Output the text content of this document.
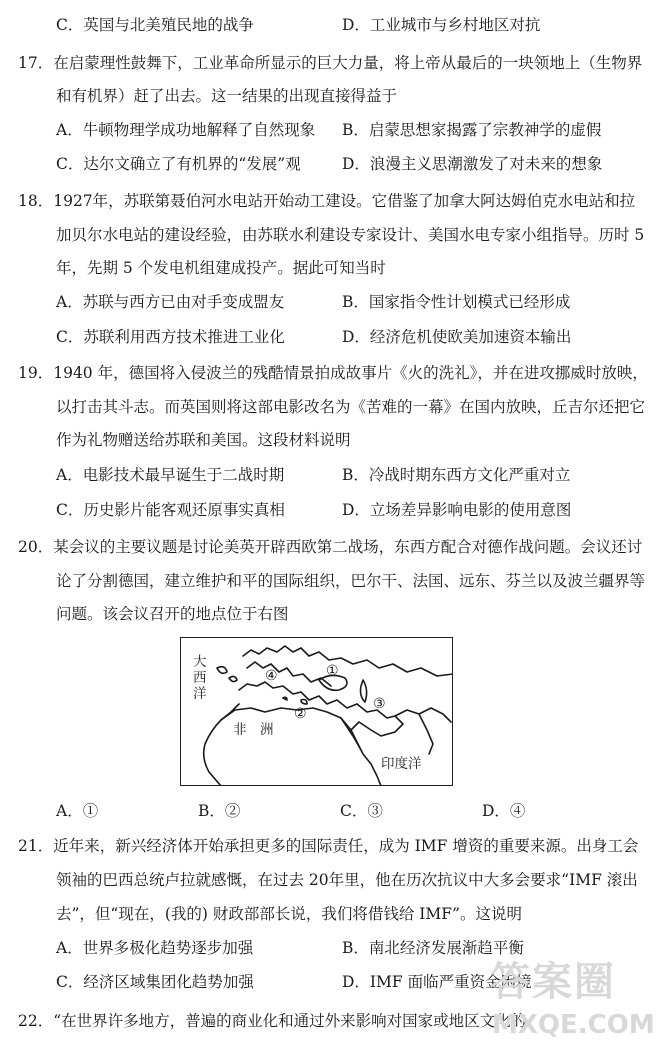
C．英国与北美殖民地的战争	D．工业城市与乡村地区对抗
17．在启蒙理性鼓舞下，工业革命所显示的巨大力量，将上帝从最后的一块领地上（生物界
和有机界）赶了出去。这一结果的出现直接得益于
A．牛顿物理学成功地解释了自然现象 B．启蒙思想家揭露了宗教神学的虚假
C．达尔文确立了有机界的“发展”观	D．浪漫主义思潮激发了对未来的想象
18．1927年，苏联第聂伯河水电站开始动工建设。它借鉴了加拿大阿达姆伯克水电站和拉
加贝尔水电站的建设经验，由苏联水利建设专家设计、美国水电专家小组指导。历时 5
年，先期 5 个发电机组建成投产。据此可知当时
A．苏联与西方已由对手变成盟友	B．国家指令性计划模式已经形成
C．苏联利用西方技术推进工业化	D．经济危机使欧美加速资本输出
19．1940 年，德国将入侵波兰的残酷情景拍成故事片《火的洗礼》，并在进攻挪威时放映，
以打击其斗志。而英国则将这部电影改名为《苦难的一幕》在国内放映，丘吉尔还把它
作为礼物赠送给苏联和美国。这段材料说明
A．电影技术最早诞生于二战时期	B．冷战时期东西方文化严重对立
C．历史影片能客观还原事实真相	D．立场差异影响电影的使用意图
20．某会议的主要议题是讨论美英开辟西欧第二战场，东西方配合对德作战问题。会议还讨
论了分割德国，建立维护和平的国际组织，巴尔干、法国、远东、芬兰以及波兰疆界等
问题。该会议召开的地点位于右图
大西洋
非　洲
印度洋
①
②
③
④
A．①	B．②	C．③	D．④
21．近年来，新兴经济体开始承担更多的国际责任，成为 IMF 增资的重要来源。出身工会
领袖的巴西总统卢拉就感慨，在过去 20年里，他在历次抗议中大多会要求“IMF 滚出
去”，但“现在，(我的) 财政部部长说，我们将借钱给 IMF”。这说明
A．世界多极化趋势逐步加强	B．南北经济发展渐趋平衡
C．经济区域集团化趋势加强	D．IMF 面临严重资金困境
22．“在世界许多地方，普遍的商业化和通过外来影响对国家或地区文化的
答案圈
MXQE.COM
